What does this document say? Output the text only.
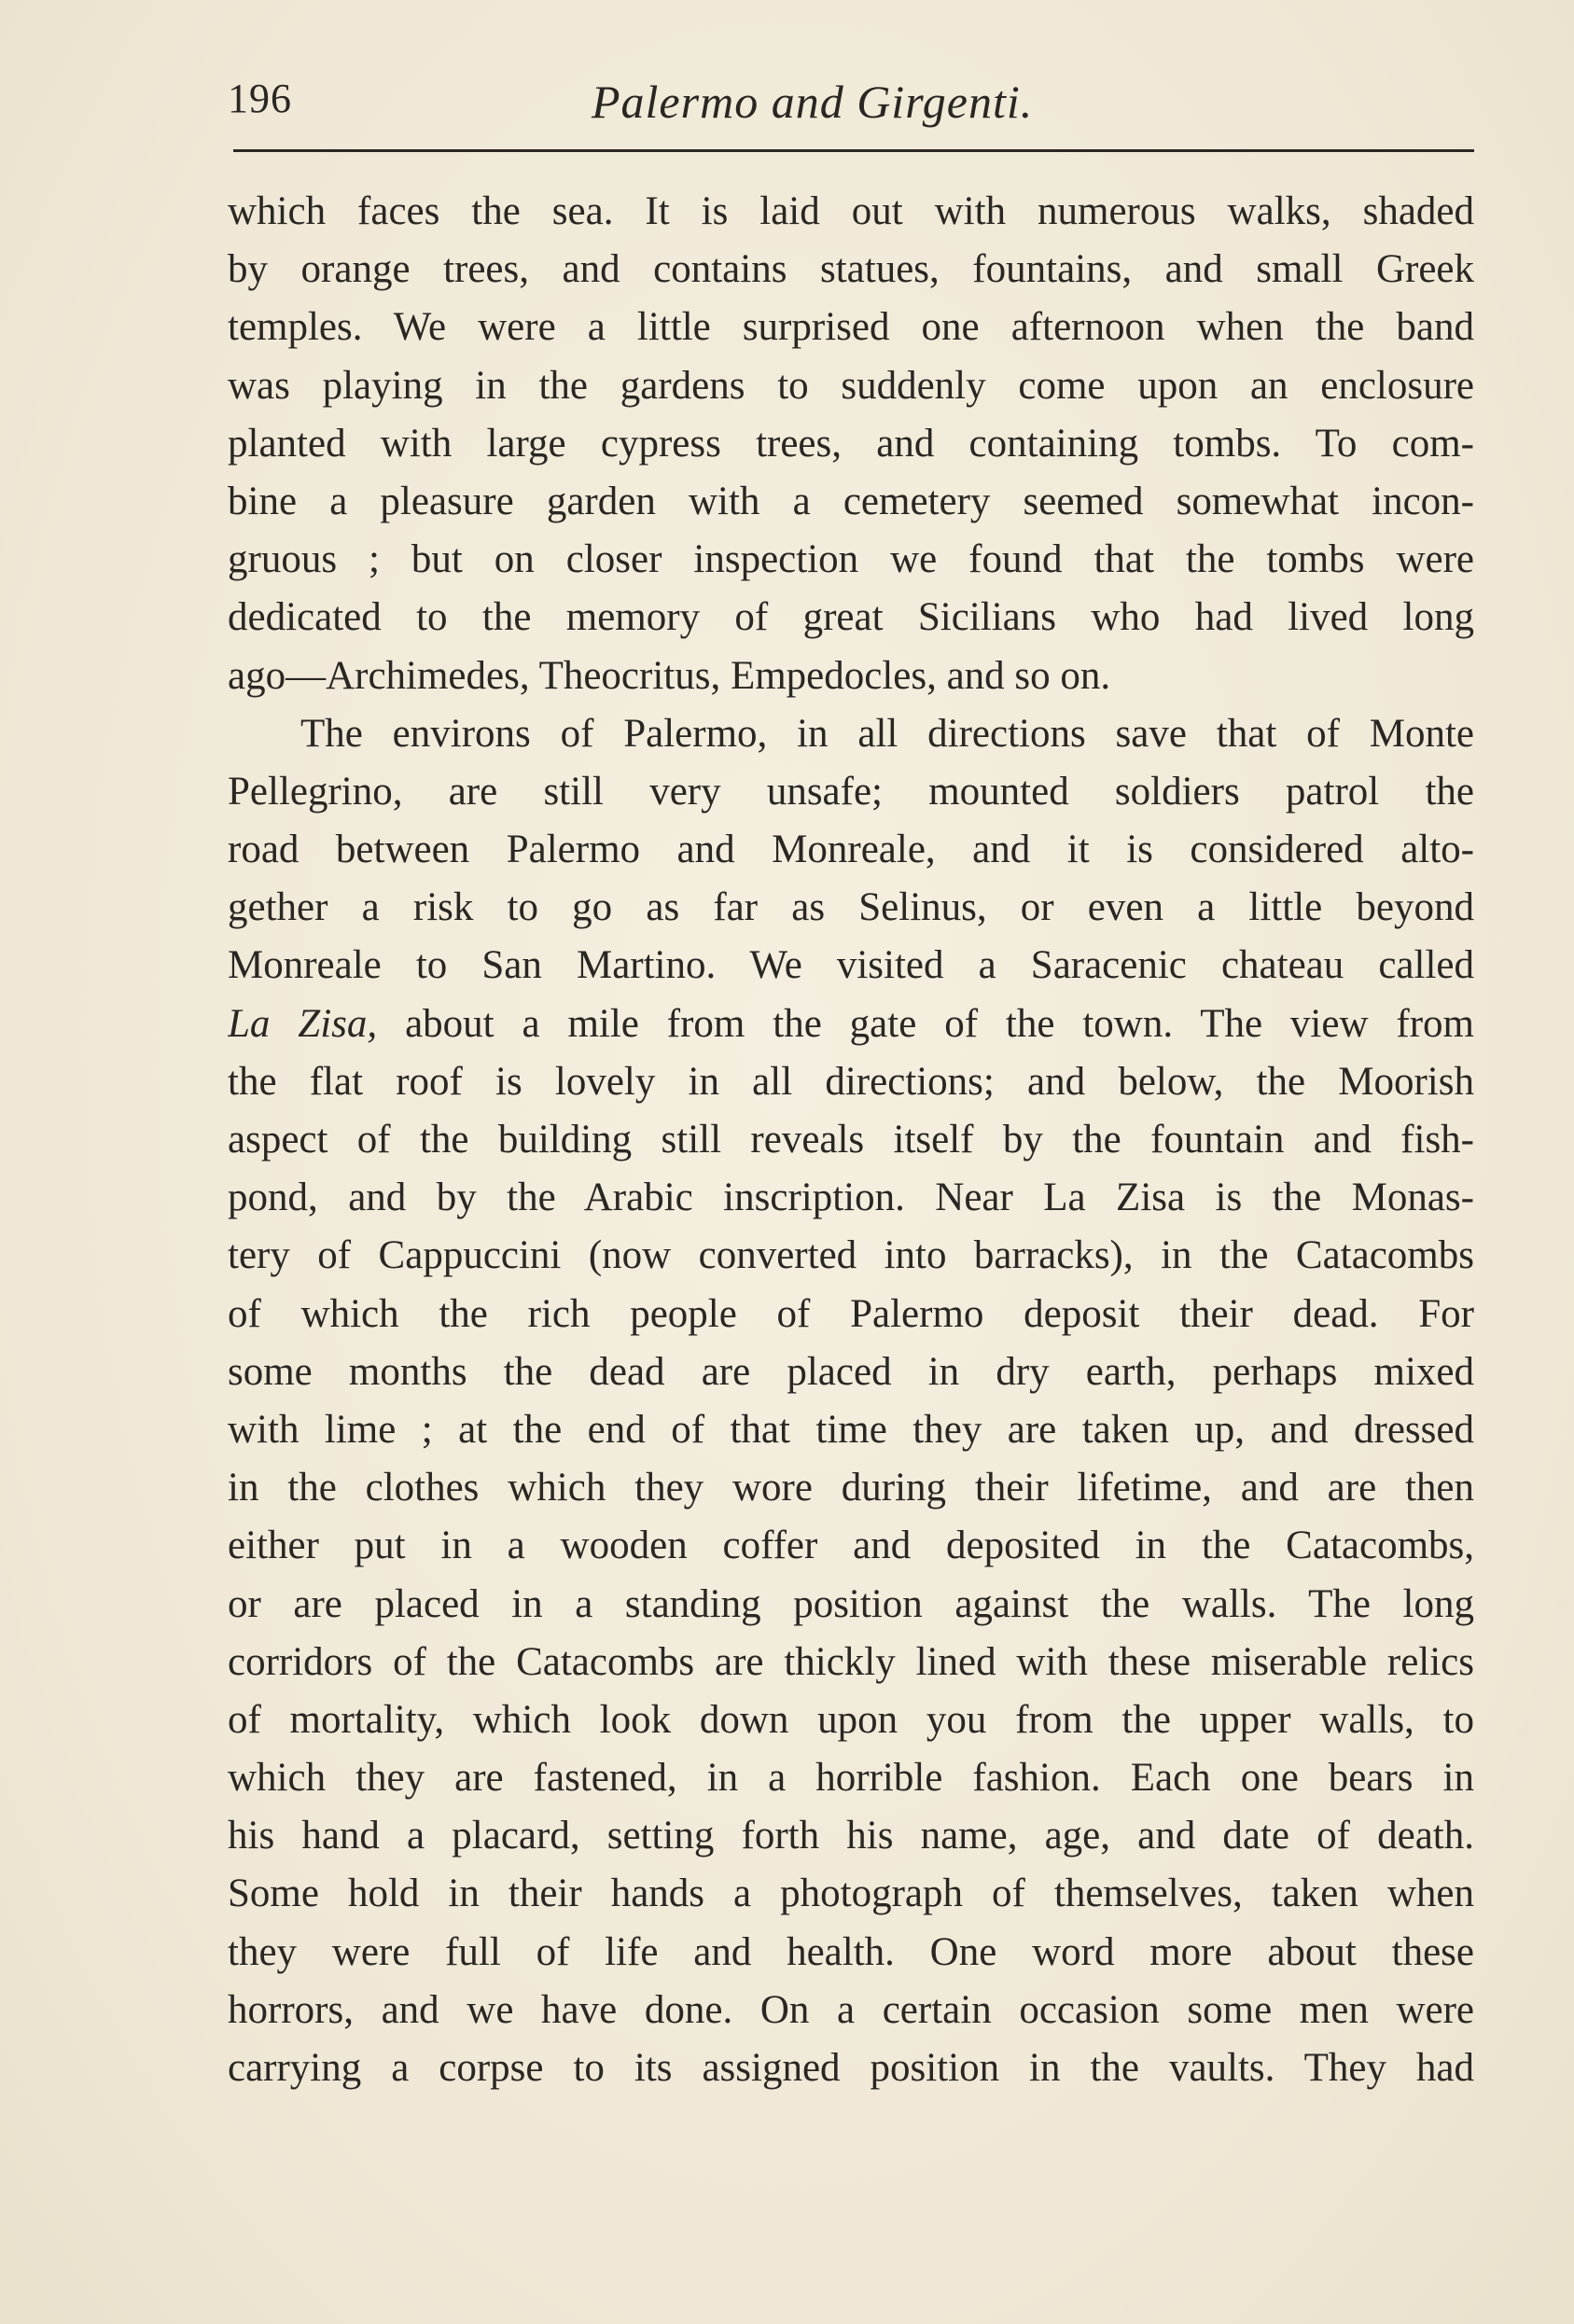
196	Palermo and Girgenti.
which faces the sea. It is laid out with numerous walks, shaded
by orange trees, and contains statues, fountains, and small Greek
temples. We were a little surprised one afternoon when the band
was playing in the gardens to suddenly come upon an enclosure
planted with large cypress trees, and containing tombs. To com-
bine a pleasure garden with a cemetery seemed somewhat incon-
gruous ; but on closer inspection we found that the tombs were
dedicated to the memory of great Sicilians who had lived long
ago—Archimedes, Theocritus, Empedocles, and so on.
The environs of Palermo, in all directions save that of Monte
Pellegrino, are still very unsafe; mounted soldiers patrol the
road between Palermo and Monreale, and it is considered alto-
gether a risk to go as far as Selinus, or even a little beyond
Monreale to San Martino. We visited a Saracenic chateau called
La Zisa, about a mile from the gate of the town. The view from
the flat roof is lovely in all directions; and below, the Moorish
aspect of the building still reveals itself by the fountain and fish-
pond, and by the Arabic inscription. Near La Zisa is the Monas-
tery of Cappuccini (now converted into barracks), in the Catacombs
of which the rich people of Palermo deposit their dead. For
some months the dead are placed in dry earth, perhaps mixed
with lime ; at the end of that time they are taken up, and dressed
in the clothes which they wore during their lifetime, and are then
either put in a wooden coffer and deposited in the Catacombs,
or are placed in a standing position against the walls. The long
corridors of the Catacombs are thickly lined with these miserable relics
of mortality, which look down upon you from the upper walls, to
which they are fastened, in a horrible fashion. Each one bears in
his hand a placard, setting forth his name, age, and date of death.
Some hold in their hands a photograph of themselves, taken when
they were full of life and health. One word more about these
horrors, and we have done. On a certain occasion some men were
carrying a corpse to its assigned position in the vaults. They had
